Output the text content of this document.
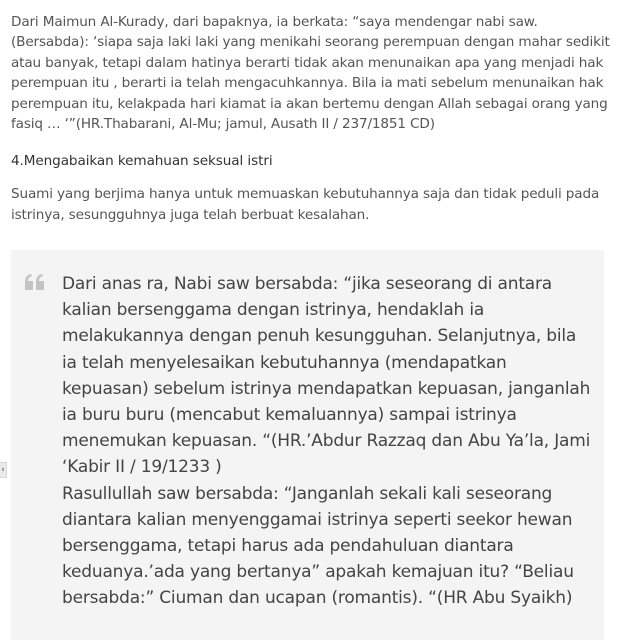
Dari Maimun Al-Kurady, dari bapaknya, ia berkata: “saya mendengar nabi saw. (Bersabda): ‘siapa saja laki laki yang menikahi seorang perempuan dengan mahar sedikit atau banyak, tetapi dalam hatinya berarti tidak akan menunaikan apa yang menjadi hak perempuan itu , berarti ia telah mengacuhkannya. Bila ia mati sebelum menunaikan hak perempuan itu, kelakpada hari kiamat ia akan bertemu dengan Allah sebagai orang yang fasiq … ‘”(HR.Thabarani, Al-Mu; jamul, Ausath II / 237/1851 CD)

4.Mengabaikan kemahuan seksual istri

Suami yang berjima hanya untuk memuaskan kebutuhannya saja dan tidak peduli pada istrinya, sesungguhnya juga telah berbuat kesalahan.

Dari anas ra, Nabi saw bersabda: “jika seseorang di antara kalian bersenggama dengan istrinya, hendaklah ia melakukannya dengan penuh kesungguhan. Selanjutnya, bila ia telah menyelesaikan kebutuhannya (mendapatkan kepuasan) sebelum istrinya mendapatkan kepuasan, janganlah ia buru buru (mencabut kemaluannya) sampai istrinya menemukan kepuasan. “(HR.’Abdur Razzaq dan Abu Ya’la, Jami ‘Kabir II / 19/1233 )
Rasullullah saw bersabda: “Janganlah sekali kali seseorang diantara kalian menyenggamai istrinya seperti seekor hewan bersenggama, tetapi harus ada pendahuluan diantara keduanya.’ada yang bertanya” apakah kemajuan itu? “Beliau bersabda:” Ciuman dan ucapan (romantis). “(HR Abu Syaikh)

‹
